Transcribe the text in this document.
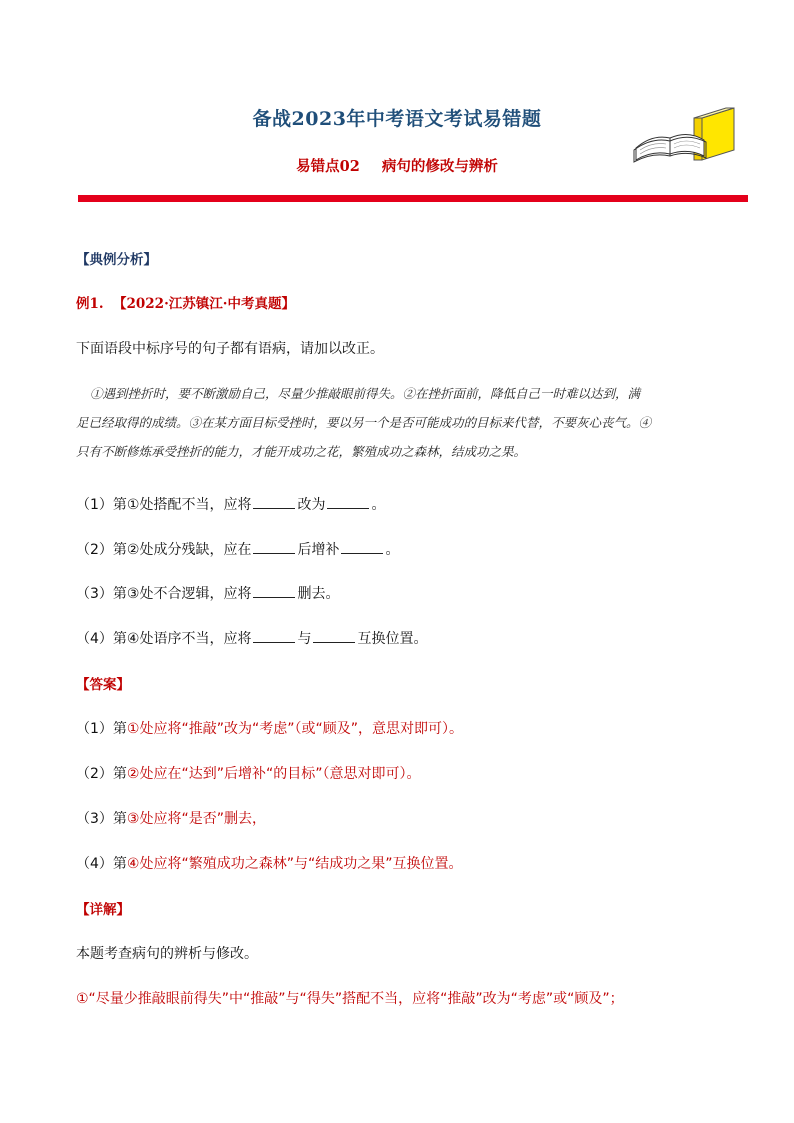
备战2023年中考语文考试易错题
易错点02 病句的修改与辨析
【典例分析】
例1. 【2022·江苏镇江·中考真题】
下面语段中标序号的句子都有语病，请加以改正。
①遇到挫折时，要不断激励自己，尽量少推敲眼前得失。②在挫折面前，降低自己一时难以达到，满
足已经取得的成绩。③在某方面目标受挫时，要以另一个是否可能成功的目标来代替，不要灰心丧气。④
只有不断修炼承受挫折的能力，才能开成功之花，繁殖成功之森林，结成功之果。
（1）第①处搭配不当，应将	改为	。
（2）第②处成分残缺，应在	后增补	。
（3）第③处不合逻辑，应将	删去。
（4）第④处语序不当，应将	与	互换位置。
【答案】
（1）第①处应将“推敲”改为“考虑”（或“顾及”，意思对即可）。
（2）第②处应在“达到”后增补“的目标”（意思对即可）。
（3）第③处应将“是否”删去，
（4）第④处应将“繁殖成功之森林”与“结成功之果”互换位置。
【详解】
本题考查病句的辨析与修改。
①“尽量少推敲眼前得失”中“推敲”与“得失”搭配不当，应将“推敲”改为“考虑”或“顾及”；
